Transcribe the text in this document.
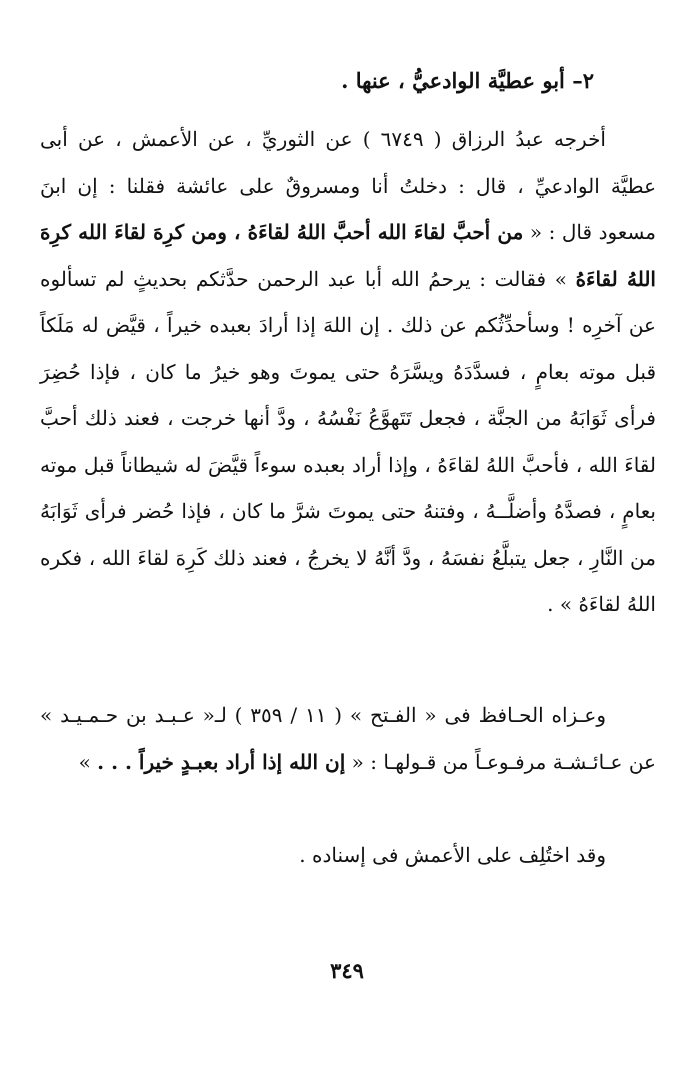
٢– أبو عطيَّة الوادعيُّ ، عنها .

أخرجه عبدُ الرزاق ( ٦٧٤٩ ) عن الثوريِّ ، عن الأعمش ، عن أبى عطيَّة الوادعيِّ ، قال : دخلتُ أنا ومسروقٌ على عائشة فقلنا : إن ابنَ مسعود قال : « من أحبَّ لقاءَ الله أحبَّ اللهُ لقاءَهُ ، ومن كرِهَ لقاءَ الله كرِهَ اللهُ لقاءَهُ » فقالت : يرحمُ الله أبا عبد الرحمن حدَّثكم بحديثٍ لم تسألوه عن آخرِه ! وسأحدِّثُكم عن ذلك . إن اللهَ إذا أرادَ بعبده خيراً ، قيَّض له مَلَكاً قبل موته بعامٍ ، فسدَّدَهُ ويسَّرَهُ حتى يموتَ وهو خيرُ ما كان ، فإذا حُضِرَ فرأى ثَوَابَهُ من الجنَّة ، فجعل تَتَهوَّعُ نَفْسُهُ ، ودَّ أنها خرجت ، فعند ذلك أحبَّ لقاءَ الله ، فأحبَّ اللهُ لقاءَهُ ، وإذا أراد بعبده سوءاً قيَّضَ له شيطاناً قبل موته بعامٍ ، فصدَّهُ وأضلَّــهُ ، وفتنهُ حتى يموتَ شرَّ ما كان ، فإذا حُضر فرأى ثَوَابَهُ من النَّارِ ، جعل يتبلَّعُ نفسَهُ ، ودَّ أنَّهُ لا يخرجُ ، فعند ذلك كَرِهَ لقاءَ الله ، فكره اللهُ لقاءَهُ » .

وعـزاه الحـافظ فى « الفـتح » ( ١١ / ٣٥٩ ) لـ« عـبـد بن حـمـيـد » عن عـائـشـة مرفـوعـاً من قـولهـا : « إن الله إذا أراد بعبـدٍ خيراً . . . »

وقد اختُلِف على الأعمش فى إسناده .

٣٤٩
